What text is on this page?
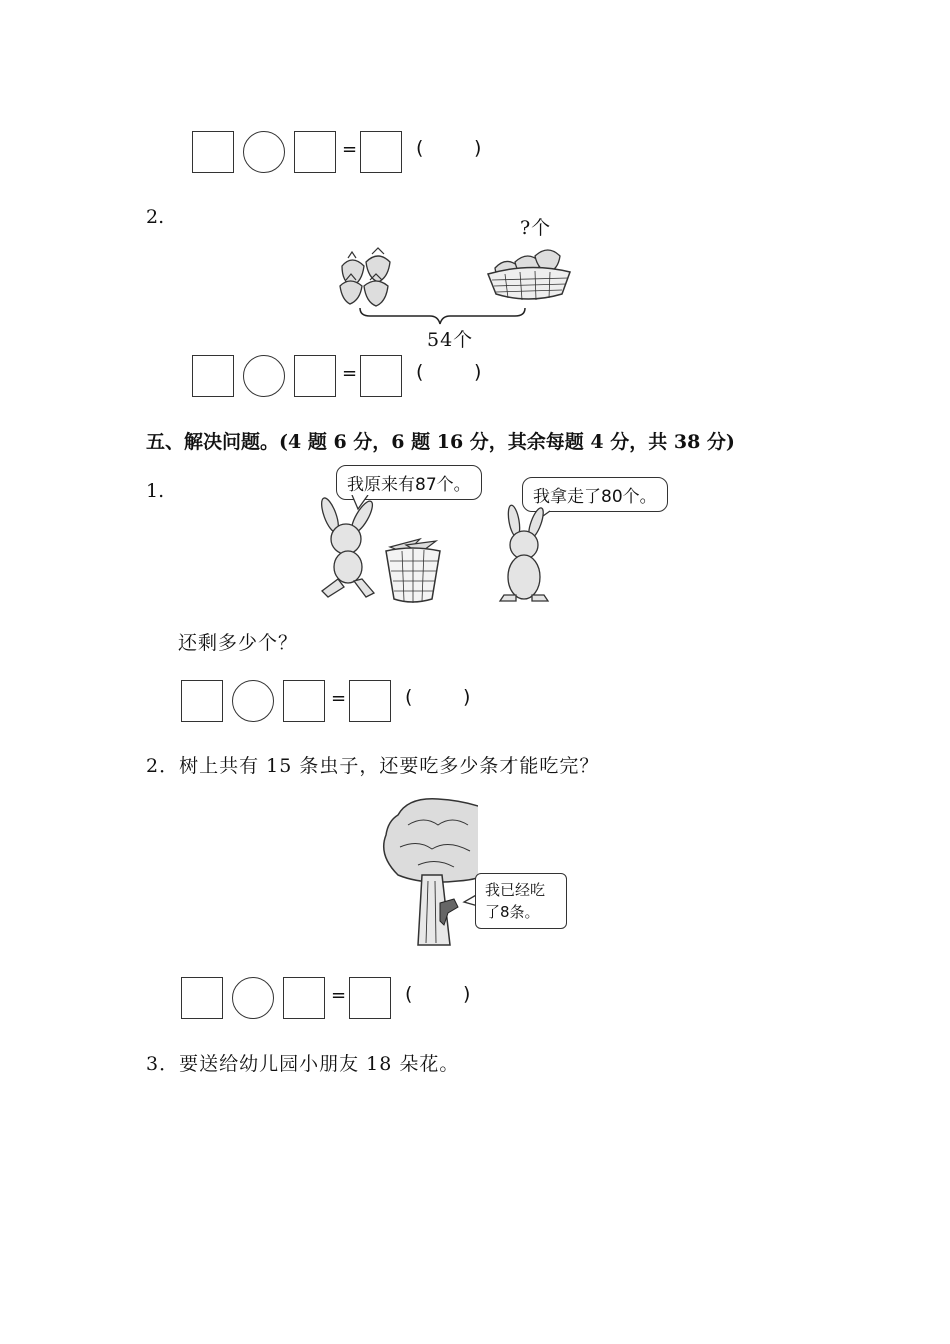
=	(	)
2.	?个
54个
=	(	)
五、解决问题。(4 题 6 分，6 题 16 分，其余每题 4 分，共 38 分)
1.	我原来有87个。
我拿走了80个。
还剩多少个？
=	(	)
2．树上共有 15 条虫子，还要吃多少条才能吃完？
我已经吃
了8条。
=	(	)
3．要送给幼儿园小朋友 18 朵花。
